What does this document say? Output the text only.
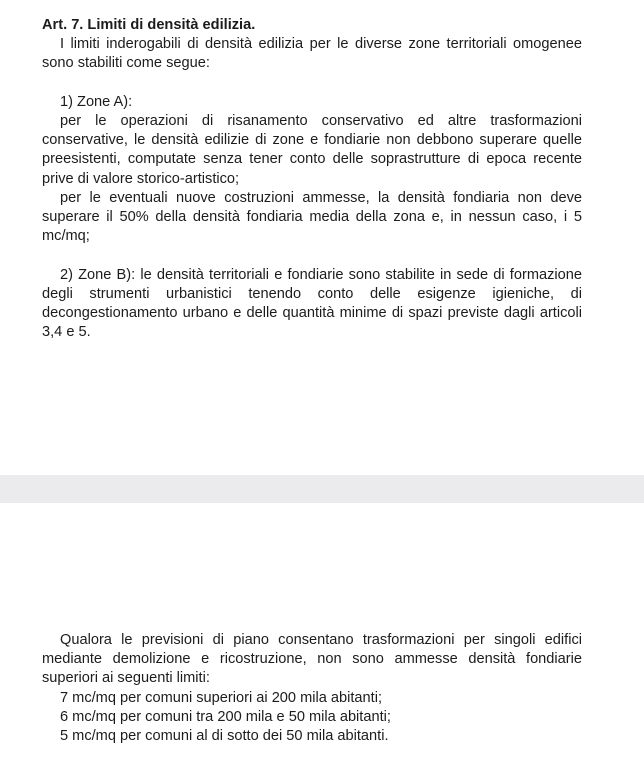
Art. 7. Limiti di densità edilizia.

I limiti inderogabili di densità edilizia per le diverse zone territoriali omogenee sono stabiliti come segue:

1) Zone A):

per le operazioni di risanamento conservativo ed altre trasformazioni conservative, le densità edilizie di zone e fondiarie non debbono superare quelle preesistenti, computate senza tener conto delle soprastrutture di epoca recente prive di valore storico-artistico;

per le eventuali nuove costruzioni ammesse, la densità fondiaria non deve superare il 50% della densità fondiaria media della zona e, in nessun caso, i 5 mc/mq;

2) Zone B): le densità territoriali e fondiarie sono stabilite in sede di formazione degli strumenti urbanistici tenendo conto delle esigenze igieniche, di decongestionamento urbano e delle quantità minime di spazi previste dagli articoli 3,4 e 5.

Qualora le previsioni di piano consentano trasformazioni per singoli edifici mediante demolizione e ricostruzione, non sono ammesse densità fondiarie superiori ai seguenti limiti:

7 mc/mq per comuni superiori ai 200 mila abitanti;

6 mc/mq per comuni tra 200 mila e 50 mila abitanti;

5 mc/mq per comuni al di sotto dei 50 mila abitanti.
